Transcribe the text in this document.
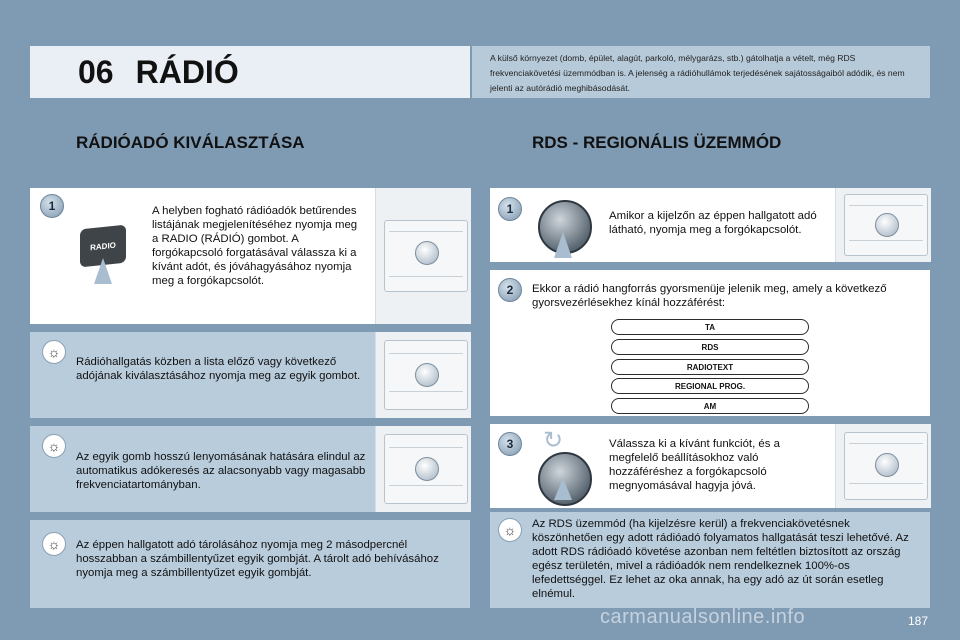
06 RÁDIÓ	A külső környezet (domb, épület, alagút, parkoló, mélygarázs, stb.) gátolhatja a vételt, még RDS frekvenciakövetési üzemmódban is. A jelenség a rádióhullámok terjedésének sajátosságaiból adódik, és nem jelenti az autórádió meghibásodását.
RÁDIÓADÓ KIVÁLASZTÁSA	RDS - REGIONÁLIS ÜZEMMÓD
1
RADIO
A helyben fogható rádióadók betűrendes listájának megjelenítéséhez nyomja meg a RADIO (RÁDIÓ) gombot. A forgókapcsoló forgatásával válassza ki a kívánt adót, és jóváhagyásához nyomja meg a forgókapcsolót.
☼
Rádióhallgatás közben a lista előző vagy következő adójának kiválasztásához nyomja meg az egyik gombot.
☼
Az egyik gomb hosszú lenyomásának hatására elindul az automatikus adókeresés az alacsonyabb vagy magasabb frekvenciatartományban.
☼	Az éppen hallgatott adó tárolásához nyomja meg 2 másodpercnél hosszabban a számbillentyűzet egyik gombját. A tárolt adó behívásához nyomja meg a számbillentyűzet egyik gombját.
1	Amikor a kijelzőn az éppen hallgatott adó látható, nyomja meg a forgókapcsolót.
2	Ekkor a rádió hangforrás gyorsmenüje jelenik meg, amely a következő gyorsvezérlésekhez kínál hozzáférést:
TA
RDS
RADIOTEXT
REGIONAL PROG.
AM
3	↻	Válassza ki a kívánt funkciót, és a megfelelő beállításokhoz való hozzáféréshez a forgókapcsoló megnyomásával hagyja jóvá.
☼	Az RDS üzemmód (ha kijelzésre kerül) a frekvenciakövetésnek köszönhetően egy adott rádióadó folyamatos hallgatását teszi lehetővé. Az adott RDS rádióadó követése azonban nem feltétlen biztosított az ország egész területén, mivel a rádióadók nem rendelkeznek 100%-os lefedettséggel. Ez lehet az oka annak, ha egy adó az út során esetleg elnémul.
carmanualsonline.info	187
